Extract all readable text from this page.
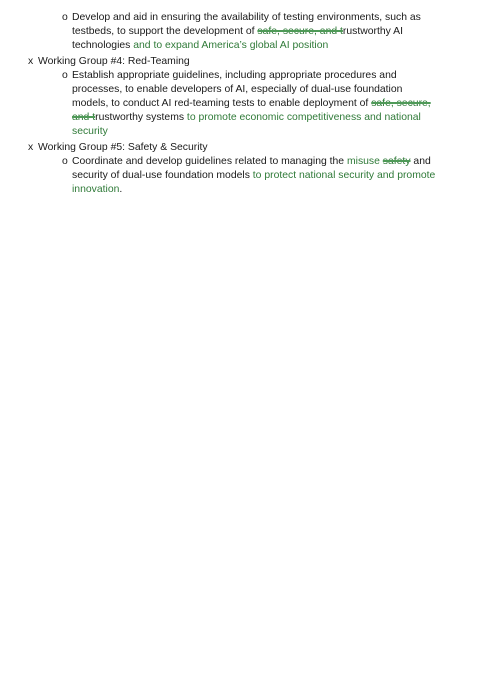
o Develop and aid in ensuring the availability of testing environments, such as
testbeds, to support the development of safe, secure, and trustworthy AI
technologies and to expand America’s global AI position
x Working Group #4: Red-Teaming
o Establish appropriate guidelines, including appropriate procedures and
processes, to enable developers of AI, especially of dual-use foundation
models, to conduct AI red-teaming tests to enable deployment of safe, secure,
and trustworthy systems to promote economic competitiveness and national
security
x Working Group #5: Safety & Security
o Coordinate and develop guidelines related to managing the misuse safety and
security of dual-use foundation models to protect national security and promote
innovation.
